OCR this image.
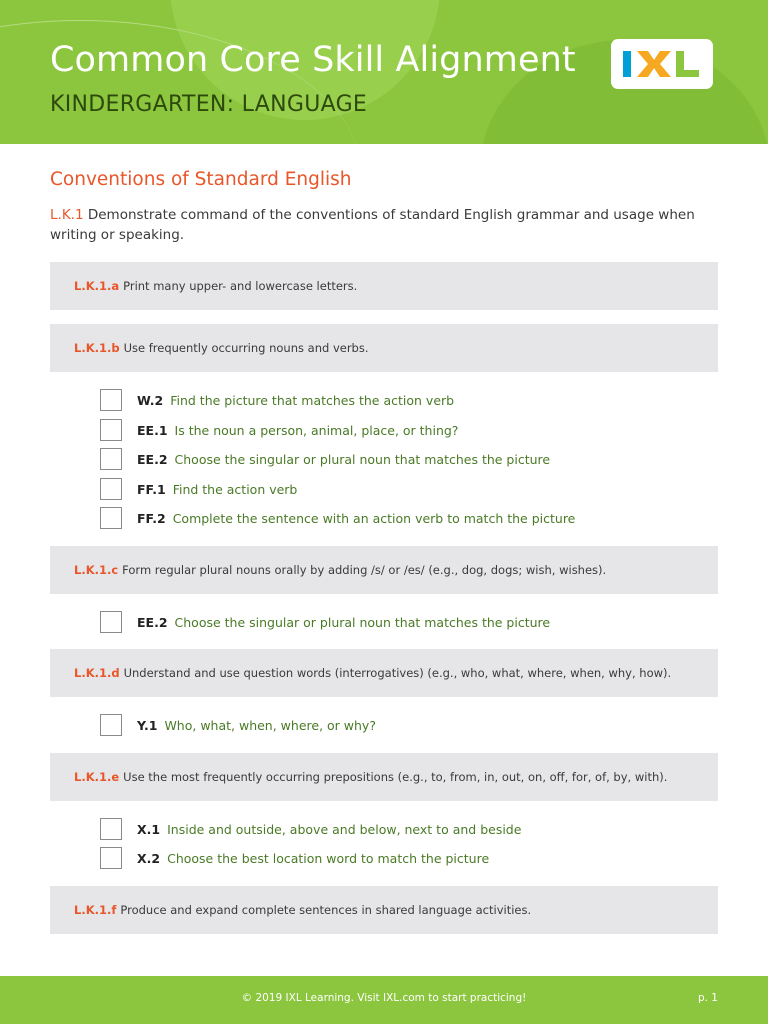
Common Core Skill Alignment
KINDERGARTEN: LANGUAGE
Conventions of Standard English
L.K.1 Demonstrate command of the conventions of standard English grammar and usage when writing or speaking.
L.K.1.a Print many upper- and lowercase letters.
L.K.1.b Use frequently occurring nouns and verbs.
W.2 Find the picture that matches the action verb
EE.1 Is the noun a person, animal, place, or thing?
EE.2 Choose the singular or plural noun that matches the picture
FF.1 Find the action verb
FF.2 Complete the sentence with an action verb to match the picture
L.K.1.c Form regular plural nouns orally by adding /s/ or /es/ (e.g., dog, dogs; wish, wishes).
EE.2 Choose the singular or plural noun that matches the picture
L.K.1.d Understand and use question words (interrogatives) (e.g., who, what, where, when, why, how).
Y.1 Who, what, when, where, or why?
L.K.1.e Use the most frequently occurring prepositions (e.g., to, from, in, out, on, off, for, of, by, with).
X.1 Inside and outside, above and below, next to and beside
X.2 Choose the best location word to match the picture
L.K.1.f Produce and expand complete sentences in shared language activities.
© 2019 IXL Learning. Visit IXL.com to start practicing!	p. 1
